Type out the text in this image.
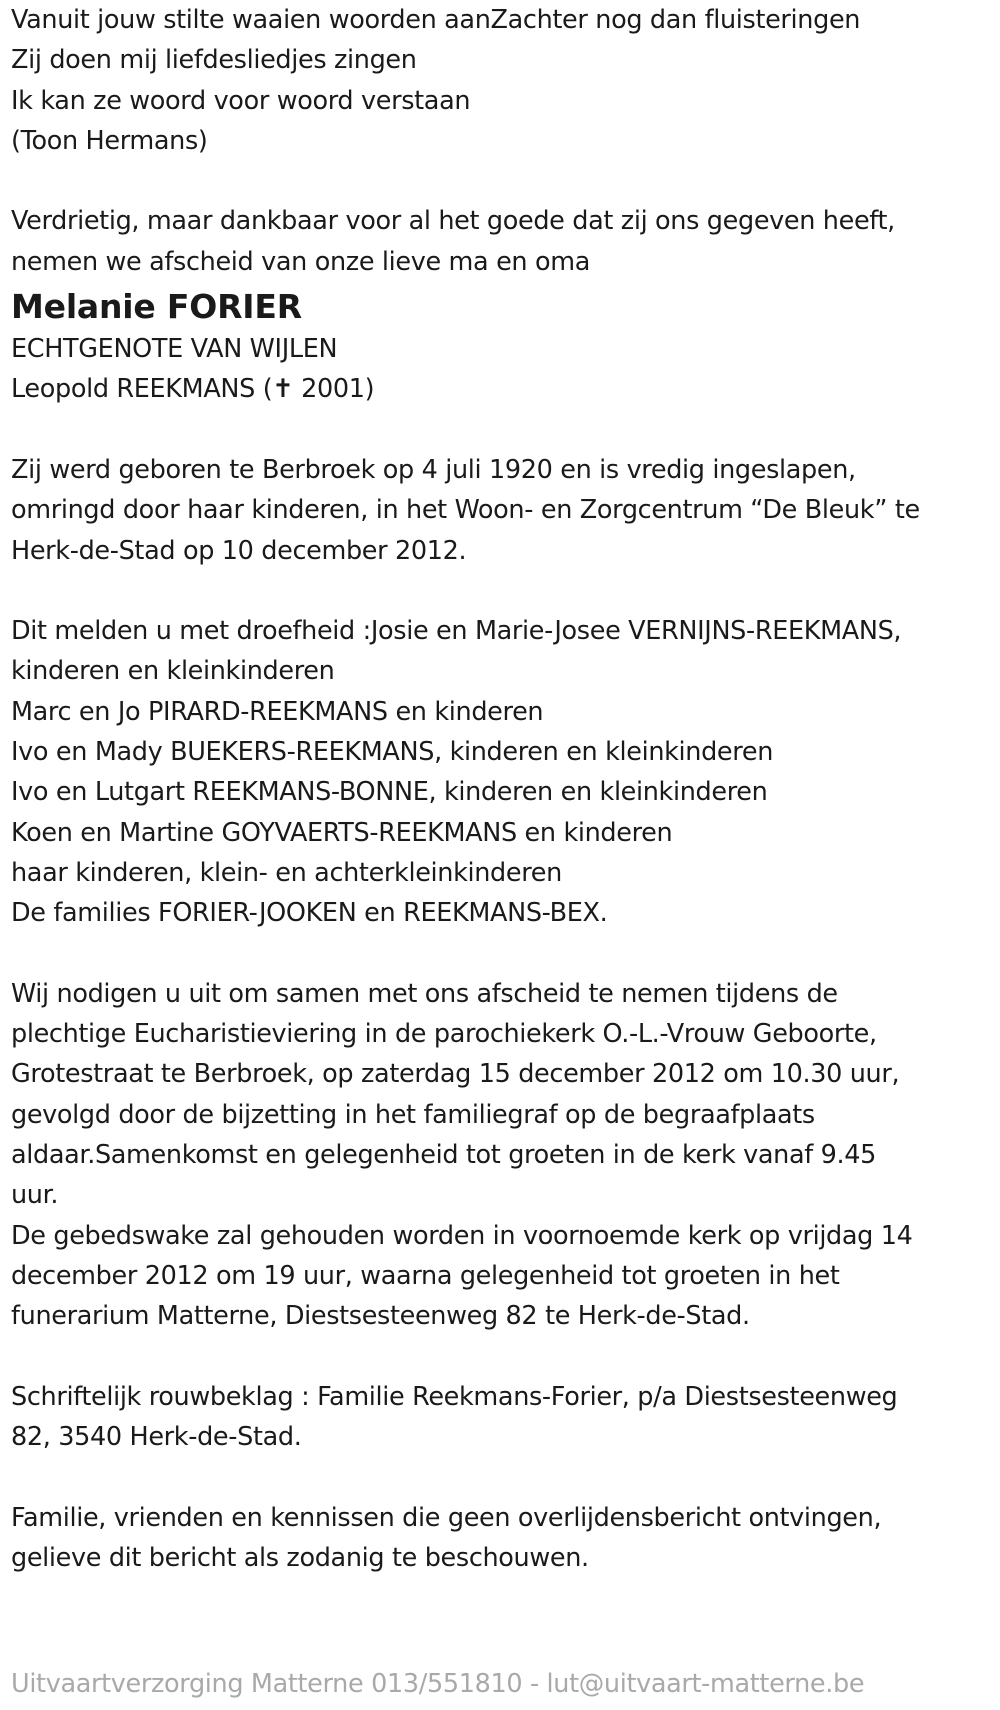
Vanuit jouw stilte waaien woorden aanZachter nog dan fluisteringen
Zij doen mij liefdesliedjes zingen
Ik kan ze woord voor woord verstaan
(Toon Hermans)
Verdrietig, maar dankbaar voor al het goede dat zij ons gegeven heeft,
nemen we afscheid van onze lieve ma en oma
Melanie FORIER
ECHTGENOTE VAN WIJLEN
Leopold REEKMANS (✝ 2001)
Zij werd geboren te Berbroek op 4 juli 1920 en is vredig ingeslapen,
omringd door haar kinderen, in het Woon- en Zorgcentrum “De Bleuk” te
Herk-de-Stad op 10 december 2012.
Dit melden u met droefheid :Josie en Marie-Josee VERNIJNS-REEKMANS,
kinderen en kleinkinderen
Marc en Jo PIRARD-REEKMANS en kinderen
Ivo en Mady BUEKERS-REEKMANS, kinderen en kleinkinderen
Ivo en Lutgart REEKMANS-BONNE, kinderen en kleinkinderen
Koen en Martine GOYVAERTS-REEKMANS en kinderen
haar kinderen, klein- en achterkleinkinderen
De families FORIER-JOOKEN en REEKMANS-BEX.
Wij nodigen u uit om samen met ons afscheid te nemen tijdens de
plechtige Eucharistieviering in de parochiekerk O.-L.-Vrouw Geboorte,
Grotestraat te Berbroek, op zaterdag 15 december 2012 om 10.30 uur,
gevolgd door de bijzetting in het familiegraf op de begraafplaats
aldaar.Samenkomst en gelegenheid tot groeten in de kerk vanaf 9.45
uur.
De gebedswake zal gehouden worden in voornoemde kerk op vrijdag 14
december 2012 om 19 uur, waarna gelegenheid tot groeten in het
funerarium Matterne, Diestsesteenweg 82 te Herk-de-Stad.
Schriftelijk rouwbeklag : Familie Reekmans-Forier, p/a Diestsesteenweg
82, 3540 Herk-de-Stad.
Familie, vrienden en kennissen die geen overlijdensbericht ontvingen,
gelieve dit bericht als zodanig te beschouwen.
Uitvaartverzorging Matterne 013/551810 - lut@uitvaart-matterne.be
